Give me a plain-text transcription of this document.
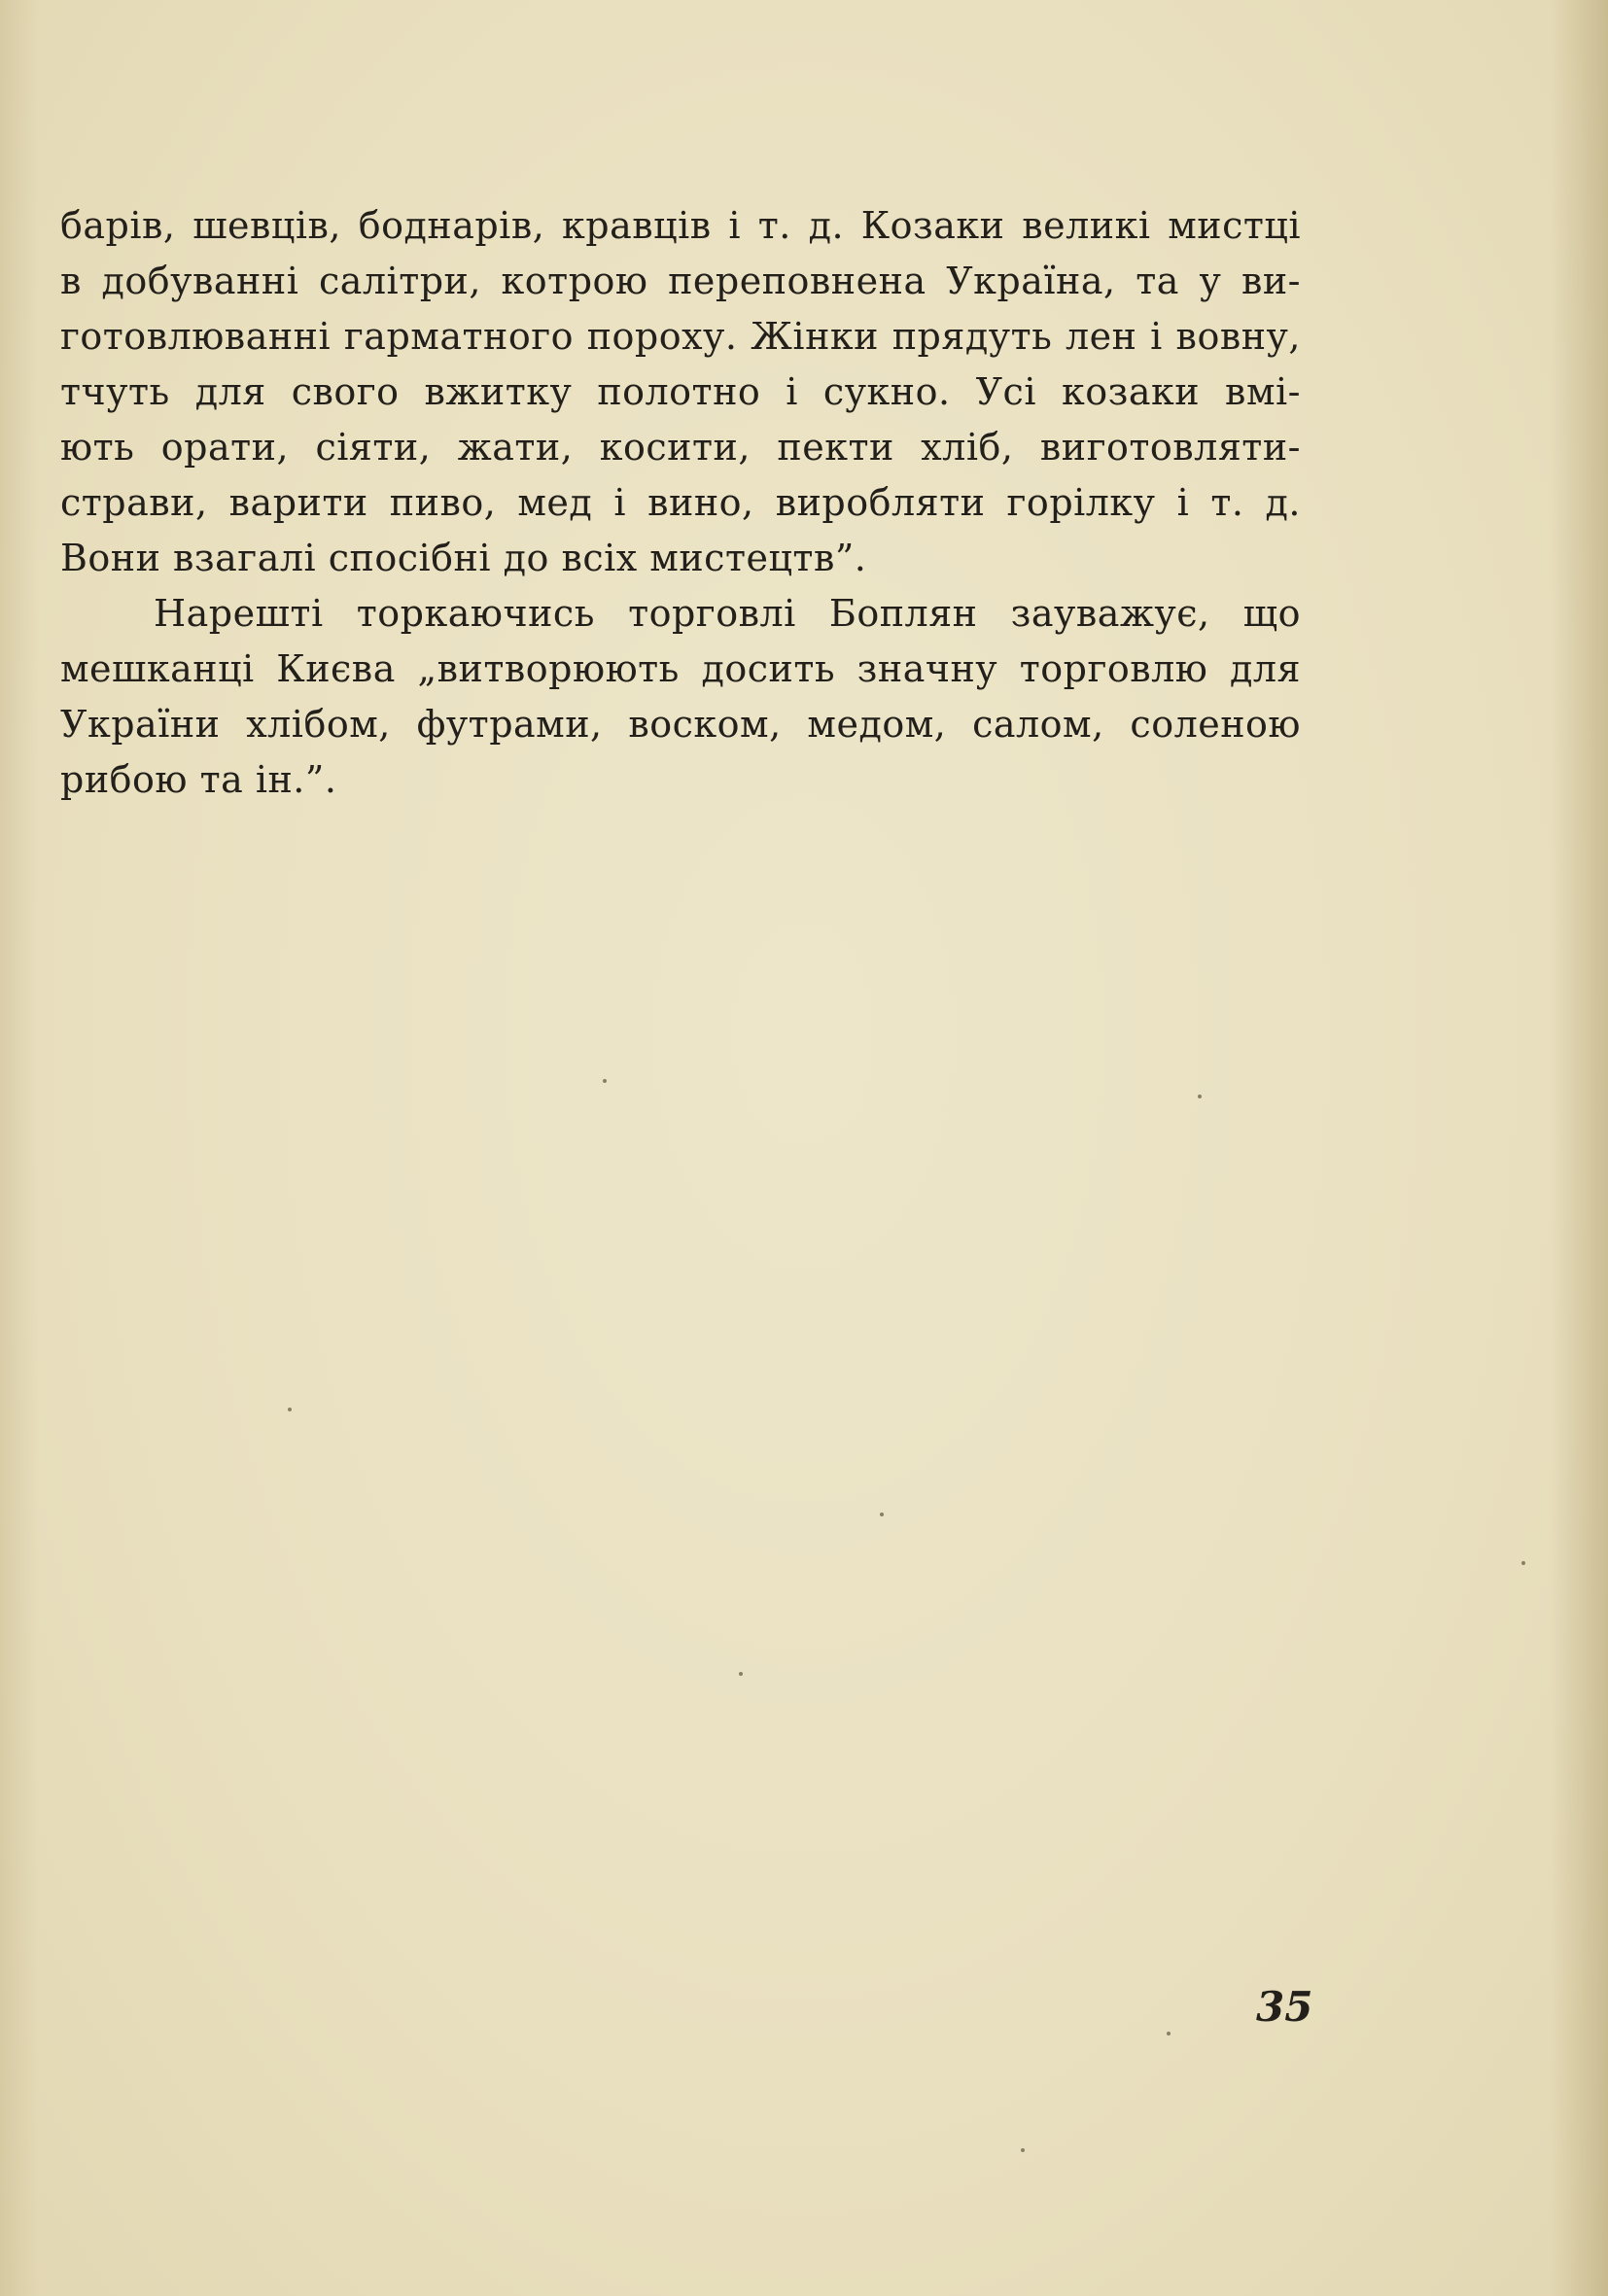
барів, шевців, боднарів, кравців і т. д. Козаки великі мистці
в добуванні салітри, котрою переповнена Україна, та у ви-
готовлюванні гарматного пороху. Жінки прядуть лен і вовну,
тчуть для свого вжитку полотно і сукно. Усі козаки вмі-
ють орати, сіяти, жати, косити, пекти хліб, виготовляти-
страви, варити пиво, мед і вино, виробляти горілку і т. д.
Вони взагалі спосібні до всіх мистецтв”.
Нарешті торкаючись торговлі Боплян зауважує, що
мешканці Києва „витворюють досить значну торговлю для
України хлібом, футрами, воском, медом, салом, соленою
рибою та ін.”.
35
